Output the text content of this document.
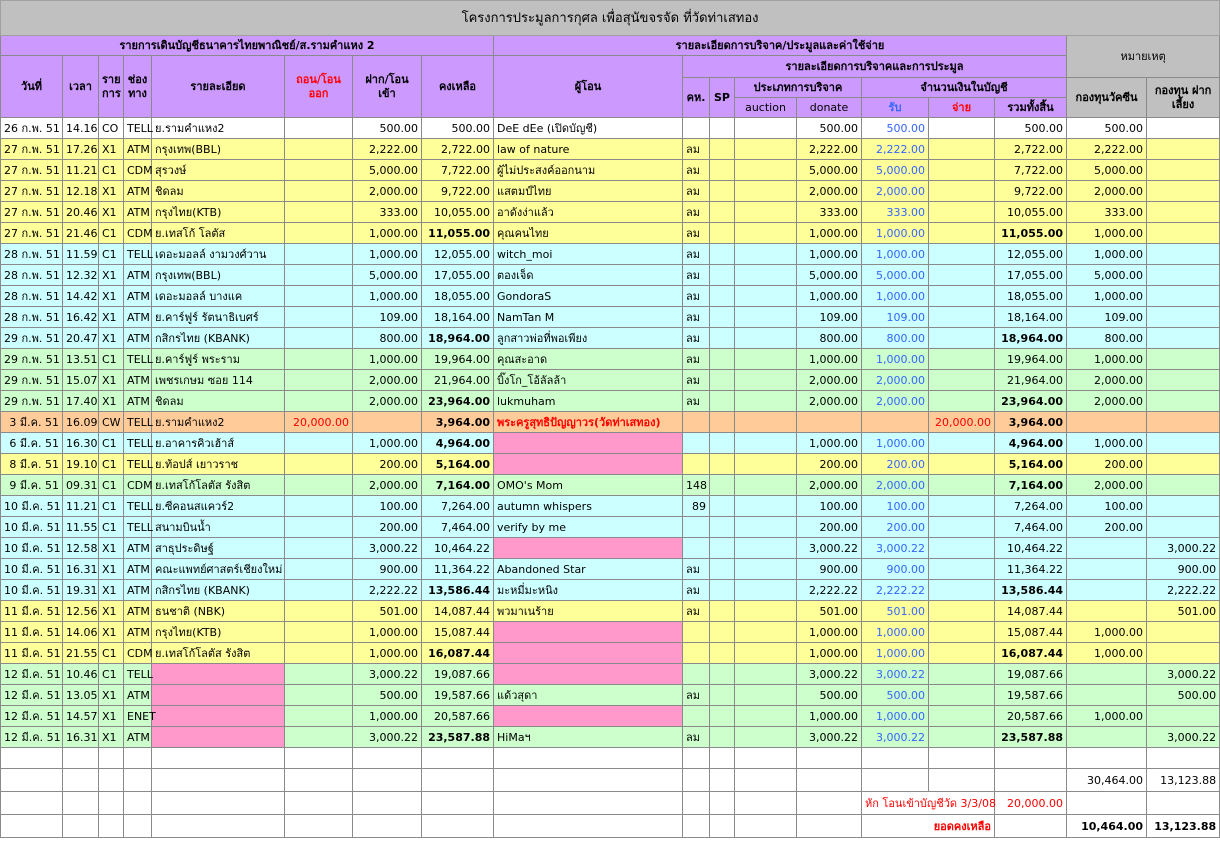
โครงการประมูลการกุศล เพื่อสุนัขจรจัด ที่วัดท่าเสทอง																	
รายการเดินบัญชีธนาคารไทยพาณิชย์/ส.รามคำแหง 2								รายละเอียดการบริจาค/ประมูลและค่าใช้จ่าย								หมายเหตุ	
วันที่	เวลา	ราย การ	ช่อง ทาง	รายละเอียด	ถอน/โอน ออก	ฝาก/โอน เข้า	คงเหลือ	ผู้โอน	รายละเอียดการบริจาคและการประมูล								
									คห.	SP	ประเภทการบริจาค		จำนวนเงินในบัญชี			กองทุนวัคซีน	กองทุน ฝากเลี้ยง
											auction	donate	รับ	จ่าย	รวมทั้งสิ้น		
26 ก.พ. 51	14.16	CO	TELL	ย.รามคำแหง2		500.00	500.00	DeE dEe (เปิดบัญชี)				500.00	500.00		500.00	500.00	
27 ก.พ. 51	17.26	X1	ATM	กรุงเทพ(BBL)		2,222.00	2,722.00	law of nature	ลม			2,222.00	2,222.00		2,722.00	2,222.00	
27 ก.พ. 51	11.21	C1	CDM	สุรวงษ์		5,000.00	7,722.00	ผู้ไม่ประสงค์ออกนาม	ลม			5,000.00	5,000.00		7,722.00	5,000.00	
27 ก.พ. 51	12.18	X1	ATM	ชิดลม		2,000.00	9,722.00	แสตมป์ไทย	ลม			2,000.00	2,000.00		9,722.00	2,000.00	
27 ก.พ. 51	20.46	X1	ATM	กรุงไทย(KTB)		333.00	10,055.00	อาดังง่าแล้ว	ลม			333.00	333.00		10,055.00	333.00	
27 ก.พ. 51	21.46	C1	CDM	ย.เทสโก้ โลตัส		1,000.00	11,055.00	คุณคนไทย	ลม			1,000.00	1,000.00		11,055.00	1,000.00	
28 ก.พ. 51	11.59	C1	TELL	เดอะมอลล์ งามวงศ์วาน		1,000.00	12,055.00	witch_moi	ลม			1,000.00	1,000.00		12,055.00	1,000.00	
28 ก.พ. 51	12.32	X1	ATM	กรุงเทพ(BBL)		5,000.00	17,055.00	ตองเจ็ด	ลม			5,000.00	5,000.00		17,055.00	5,000.00	
28 ก.พ. 51	14.42	X1	ATM	เดอะมอลล์ บางแค		1,000.00	18,055.00	GondoraS	ลม			1,000.00	1,000.00		18,055.00	1,000.00	
28 ก.พ. 51	16.42	X1	ATM	ย.คาร์ฟูร์ รัตนาธิเบศร์		109.00	18,164.00	NamTan M	ลม			109.00	109.00		18,164.00	109.00	
29 ก.พ. 51	20.47	X1	ATM	กสิกรไทย (KBANK)		800.00	18,964.00	ลูกสาวพ่อที่พอเพียง	ลม			800.00	800.00		18,964.00	800.00	
29 ก.พ. 51	13.51	C1	TELL	ย.คาร์ฟูร์ พระราม		1,000.00	19,964.00	คุณสะอาด	ลม			1,000.00	1,000.00		19,964.00	1,000.00	
29 ก.พ. 51	15.07	X1	ATM	เพชรเกษม ซอย 114		2,000.00	21,964.00	บิ๊งโก_โอ้ลัลล้า	ลม			2,000.00	2,000.00		21,964.00	2,000.00	
29 ก.พ. 51	17.40	X1	ATM	ชิดลม		2,000.00	23,964.00	lukmuham	ลม			2,000.00	2,000.00		23,964.00	2,000.00	
3 มี.ค. 51	16.09	CW	TELL	ย.รามคำแหง2	20,000.00		3,964.00	พระครูสุทธิปัญญาวร(วัดท่าเสทอง)						20,000.00	3,964.00		
6 มี.ค. 51	16.30	C1	TELL	ย.อาคารคิวเฮ้าส์		1,000.00	4,964.00					1,000.00	1,000.00		4,964.00	1,000.00	
8 มี.ค. 51	19.10	C1	TELL	ย.ท้อปส์ เยาวราช		200.00	5,164.00					200.00	200.00		5,164.00	200.00	
9 มี.ค. 51	09.31	C1	CDM	ย.เทสโก้โลตัส รังสิต		2,000.00	7,164.00	OMO's Mom	148			2,000.00	2,000.00		7,164.00	2,000.00	
10 มี.ค. 51	11.21	C1	TELL	ย.ซีคอนสแควร์2		100.00	7,264.00	autumn whispers	89			100.00	100.00		7,264.00	100.00	
10 มี.ค. 51	11.55	C1	TELL	สนามบินน้ำ		200.00	7,464.00	verify by me				200.00	200.00		7,464.00	200.00	
10 มี.ค. 51	12.58	X1	ATM	สาธุประดิษฐ์		3,000.22	10,464.22					3,000.22	3,000.22		10,464.22		3,000.22
10 มี.ค. 51	16.31	X1	ATM	คณะแพทย์ศาสตร์เชียงใหม่		900.00	11,364.22	Abandoned Star	ลม			900.00	900.00		11,364.22		900.00
10 มี.ค. 51	19.31	X1	ATM	กสิกรไทย (KBANK)		2,222.22	13,586.44	มะหมี่มะหนิง	ลม			2,222.22	2,222.22		13,586.44		2,222.22
11 มี.ค. 51	12.56	X1	ATM	ธนชาติ (NBK)		501.00	14,087.44	พวมาเนร้าย	ลม			501.00	501.00		14,087.44		501.00
11 มี.ค. 51	14.06	X1	ATM	กรุงไทย(KTB)		1,000.00	15,087.44					1,000.00	1,000.00		15,087.44	1,000.00	
11 มี.ค. 51	21.55	C1	CDM	ย.เทสโก้โลตัส รังสิต		1,000.00	16,087.44					1,000.00	1,000.00		16,087.44	1,000.00	
12 มี.ค. 51	10.46	C1	TELL			3,000.22	19,087.66					3,000.22	3,000.22		19,087.66		3,000.22
12 มี.ค. 51	13.05	X1	ATM			500.00	19,587.66	แด้วสุดา	ลม			500.00	500.00		19,587.66		500.00
12 มี.ค. 51	14.57	X1	ENET			1,000.00	20,587.66					1,000.00	1,000.00		20,587.66	1,000.00	
12 มี.ค. 51	16.31	X1	ATM			3,000.22	23,587.88	HiMaฯ	ลม			3,000.22	3,000.22		23,587.88		3,000.22

																30,464.00	13,123.88
													หัก โอนเข้าบัญชีวัด 3/3/08		20,000.00		
													ยอดคงเหลือ			10,464.00	13,123.88
